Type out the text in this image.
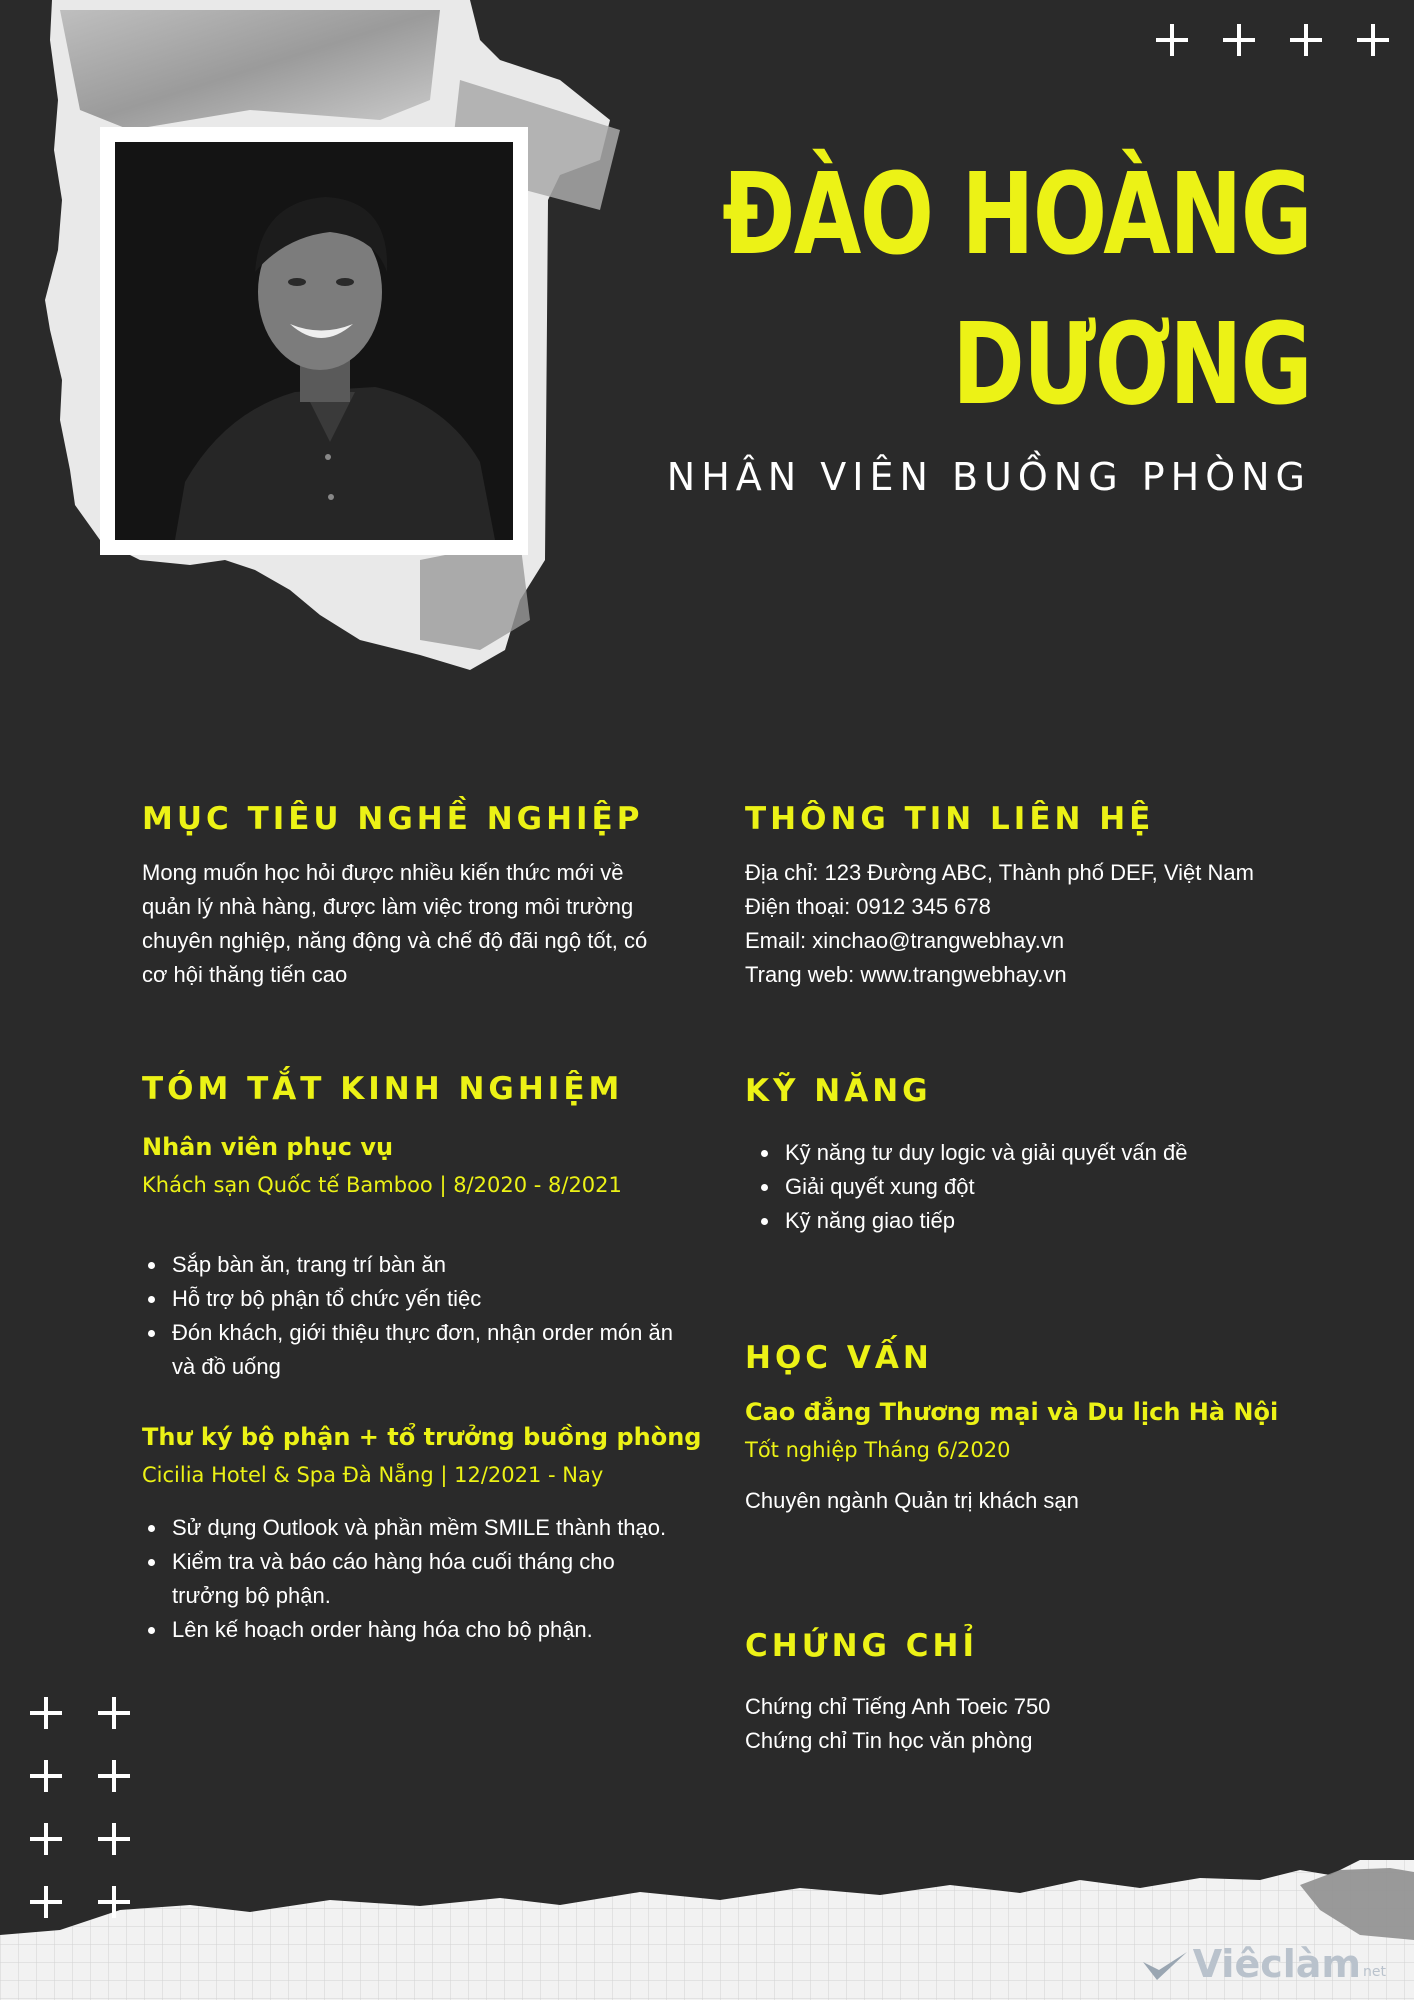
ĐÀO HOÀNG
DƯƠNG
NHÂN VIÊN BUỒNG PHÒNG
MỤC TIÊU NGHỀ NGHIỆP
Mong muốn học hỏi được nhiều kiến thức mới về
quản lý nhà hàng, được làm việc trong môi trường
chuyên nghiệp, năng động và chế độ đãi ngộ tốt, có
cơ hội thăng tiến cao
THÔNG TIN LIÊN HỆ
Địa chỉ: 123 Đường ABC, Thành phố DEF, Việt Nam
Điện thoại: 0912 345 678
Email: xinchao@trangwebhay.vn
Trang web: www.trangwebhay.vn
TÓM TẮT KINH NGHIỆM
Nhân viên phục vụ
Khách sạn Quốc tế Bamboo | 8/2020 - 8/2021
Sắp bàn ăn, trang trí bàn ăn
Hỗ trợ bộ phận tổ chức yến tiệc
Đón khách, giới thiệu thực đơn, nhận order món ăn
và đồ uống
Thư ký bộ phận + tổ trưởng buồng phòng
Cicilia Hotel & Spa Đà Nẵng | 12/2021 - Nay
Sử dụng Outlook và phần mềm SMILE thành thạo.
Kiểm tra và báo cáo hàng hóa cuối tháng cho
trưởng bộ phận.
Lên kế hoạch order hàng hóa cho bộ phận.
KỸ NĂNG
Kỹ năng tư duy logic và giải quyết vấn đề
Giải quyết xung đột
Kỹ năng giao tiếp
HỌC VẤN
Cao đẳng Thương mại và Du lịch Hà Nội
Tốt nghiệp Tháng 6/2020
Chuyên ngành Quản trị khách sạn
CHỨNG CHỈ
Chứng chỉ Tiếng Anh Toeic 750
Chứng chỉ Tin học văn phòng
Viêclàm net
